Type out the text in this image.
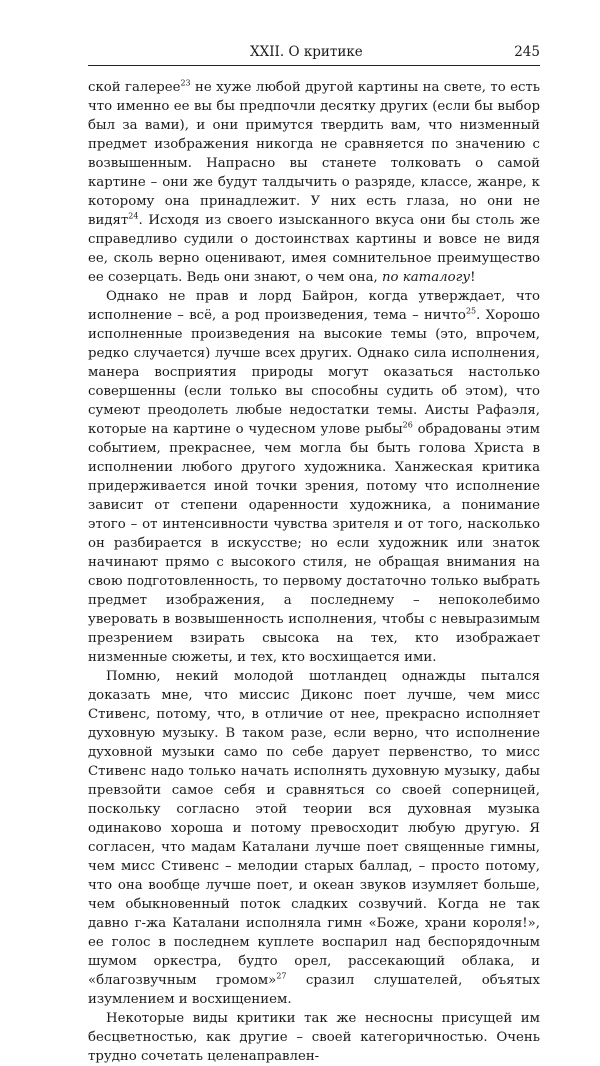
XXII. О критике	245

ской галерее$^{23}$ не хуже любой другой картины на свете, то есть что именно ее вы бы предпочли десятку других (если бы выбор был за вами), и они примутся твердить вам, что низменный предмет изображения никогда не сравняется по значению с возвышенным. Напрасно вы станете толковать о самой картине – они же будут талдычить о разряде, классе, жанре, к которому она принадлежит. У них есть глаза, но они не видят$^{24}$. Исходя из своего изысканного вкуса они бы столь же справедливо судили о достоинствах картины и вовсе не видя ее, сколь верно оценивают, имея сомнительное преимущество ее созерцать. Ведь они знают, о чем она, по каталогу!

Однако не прав и лорд Байрон, когда утверждает, что исполнение – всё, а род произведения, тема – ничто$^{25}$. Хорошо исполненные произведения на высокие темы (это, впрочем, редко случается) лучше всех других. Однако сила исполнения, манера восприятия природы могут оказаться настолько совершенны (если только вы способны судить об этом), что сумеют преодолеть любые недостатки темы. Аисты Рафаэля, которые на картине о чудесном улове рыбы$^{26}$ обрадованы этим событием, прекраснее, чем могла бы быть голова Христа в исполнении любого другого художника. Ханжеская критика придерживается иной точки зрения, потому что исполнение зависит от степени одаренности художника, а понимание этого – от интенсивности чувства зрителя и от того, насколько он разбирается в искусстве; но если художник или знаток начинают прямо с высокого стиля, не обращая внимания на свою подготовленность, то первому достаточно только выбрать предмет изображения, а последнему – непоколебимо уверовать в возвышенность исполнения, чтобы с невыразимым презрением взирать свысока на тех, кто изображает низменные сюжеты, и тех, кто восхищается ими.

Помню, некий молодой шотландец однажды пытался доказать мне, что миссис Диконс поет лучше, чем мисс Стивенс, потому, что, в отличие от нее, прекрасно исполняет духовную музыку. В таком разе, если верно, что исполнение духовной музыки само по себе дарует первенство, то мисс Стивенс надо только начать исполнять духовную музыку, дабы превзойти самое себя и сравняться со своей соперницей, поскольку согласно этой теории вся духовная музыка одинаково хороша и потому превосходит любую другую. Я согласен, что мадам Каталани лучше поет священные гимны, чем мисс Стивенс – мелодии старых баллад, – просто потому, что она вообще лучше поет, и океан звуков изумляет больше, чем обыкновенный поток сладких созвучий. Когда не так давно г-жа Каталани исполняла гимн «Боже, храни короля!», ее голос в последнем куплете воспарил над беспорядочным шумом оркестра, будто орел, рассекающий облака, и «благозвучным громом»$^{27}$ сразил слушателей, объятых изумлением и восхищением.

Некоторые виды критики так же несносны присущей им бесцветностью, как другие – своей категоричностью. Очень трудно сочетать целенаправлен-
